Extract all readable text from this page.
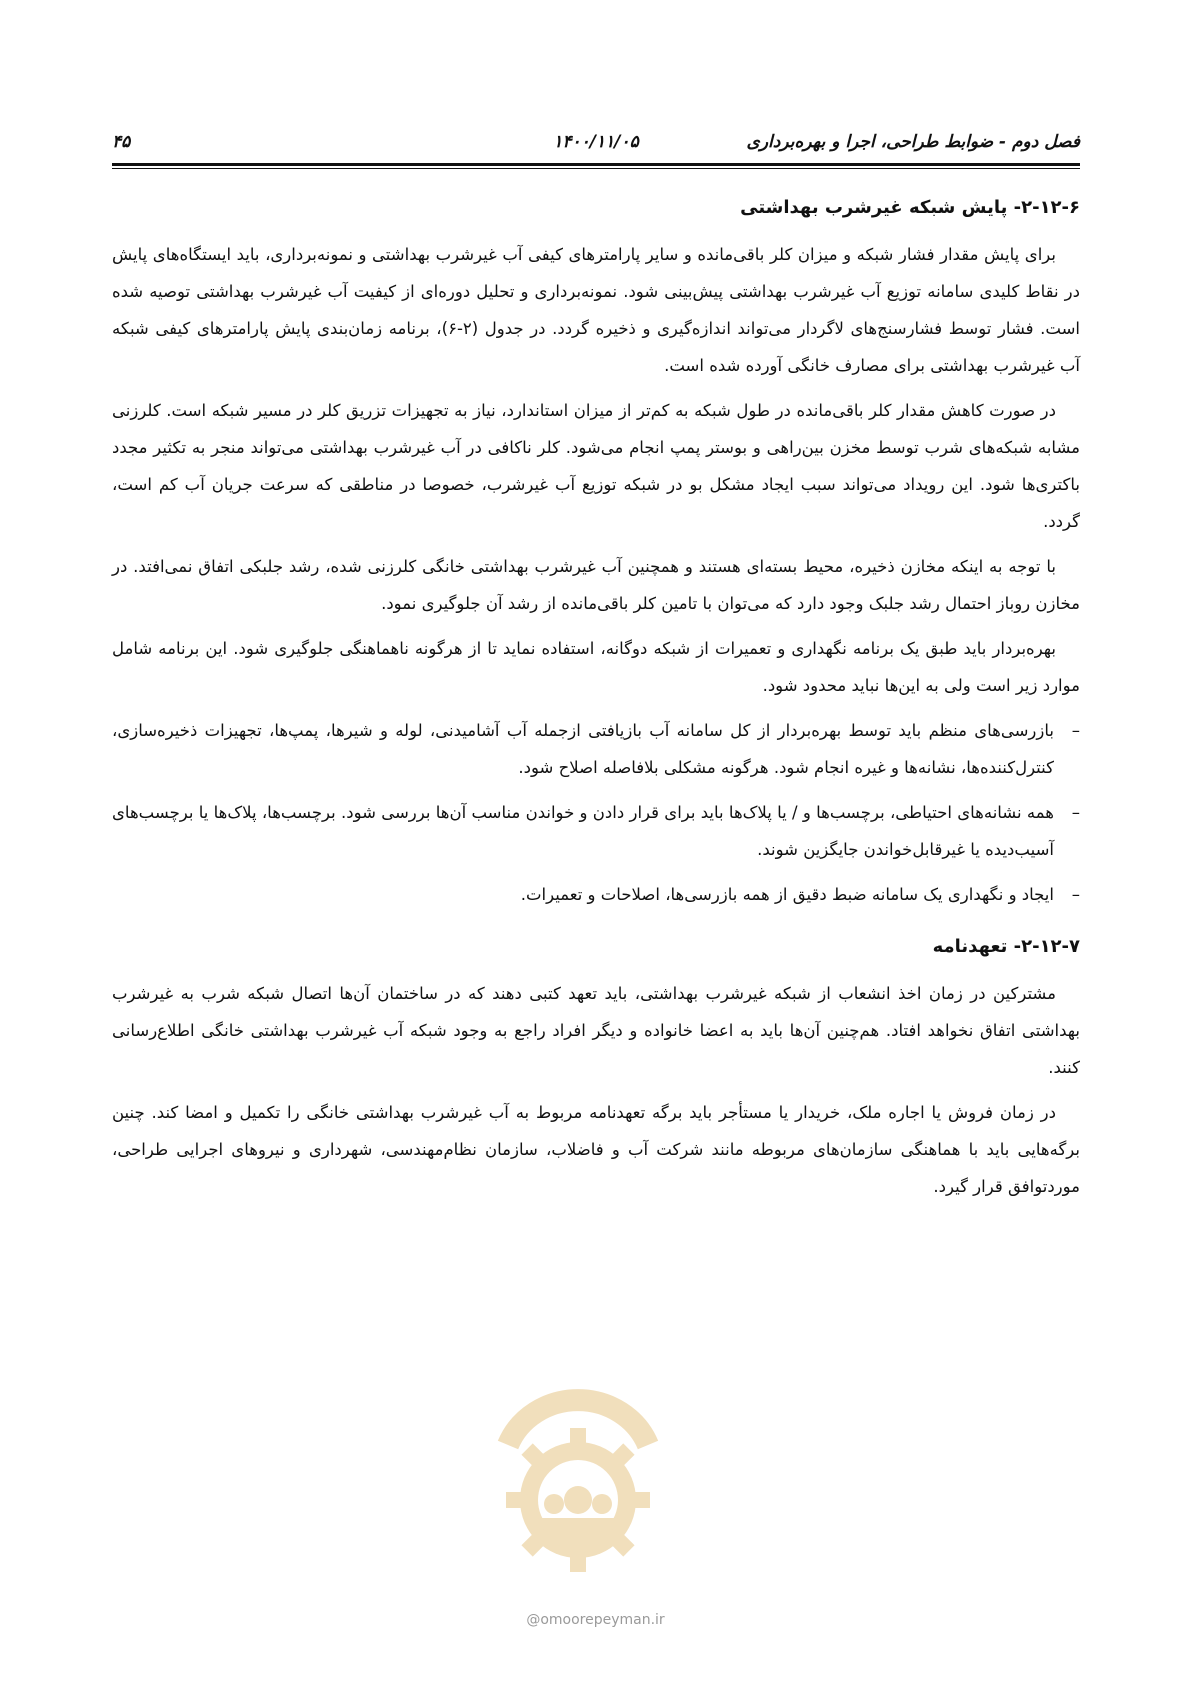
فصل دوم - ضوابط طراحی، اجرا و بهره‌برداری
۱۴۰۰/۱۱/۰۵
۴۵
۲-۱۲-۶- پایش شبکه غیرشرب بهداشتی

برای پایش مقدار فشار شبکه و میزان کلر باقی‌مانده و سایر پارامترهای کیفی آب غیرشرب بهداشتی و نمونه‌برداری، باید ایستگاه‌های پایش در نقاط کلیدی سامانه توزیع آب غیرشرب بهداشتی پیش‌بینی شود. نمونه‌برداری و تحلیل دوره‌ای از کیفیت آب غیرشرب بهداشتی توصیه شده است. فشار توسط فشارسنج‌های لاگردار می‌تواند اندازه‌گیری و ذخیره گردد. در جدول (۲-۶)، برنامه زمان‌بندی پایش پارامترهای کیفی شبکه آب غیرشرب بهداشتی برای مصارف خانگی آورده شده است.

در صورت کاهش مقدار کلر باقی‌مانده در طول شبکه به کم‌تر از میزان استاندارد، نیاز به تجهیزات تزریق کلر در مسیر شبکه است. کلرزنی مشابه شبکه‌های شرب توسط مخزن بین‌راهی و بوستر پمپ انجام می‌شود. کلر ناکافی در آب غیرشرب بهداشتی می‌تواند منجر به تکثیر مجدد باکتری‌ها شود. این رویداد می‌تواند سبب ایجاد مشکل بو در شبکه توزیع آب غیرشرب، خصوصا در مناطقی که سرعت جریان آب کم است، گردد.

با توجه به اینکه مخازن ذخیره، محیط بسته‌ای هستند و همچنین آب غیرشرب بهداشتی خانگی کلرزنی شده، رشد جلبکی اتفاق نمی‌افتد. در مخازن روباز احتمال رشد جلبک وجود دارد که می‌توان با تامین کلر باقی‌مانده از رشد آن جلوگیری نمود.

بهره‌بردار باید طبق یک برنامه نگهداری و تعمیرات از شبکه دوگانه، استفاده نماید تا از هرگونه ناهماهنگی جلوگیری شود. این برنامه شامل موارد زیر است ولی به این‌ها نباید محدود شود.

–
بازرسی‌های منظم باید توسط بهره‌بردار از کل سامانه آب بازیافتی ازجمله آب آشامیدنی، لوله و شیرها، پمپ‌ها، تجهیزات ذخیره‌سازی، کنترل‌کننده‌ها، نشانه‌ها و غیره انجام شود. هرگونه مشکلی بلافاصله اصلاح شود.
–
همه نشانه‌های احتیاطی، برچسب‌ها و / یا پلاک‌ها باید برای قرار دادن و خواندن مناسب آن‌ها بررسی شود. برچسب‌ها، پلاک‌ها یا برچسب‌های آسیب‌دیده یا غیرقابل‌خواندن جایگزین شوند.
–
ایجاد و نگهداری یک سامانه ضبط دقیق از همه بازرسی‌ها، اصلاحات و تعمیرات.
۲-۱۲-۷- تعهدنامه

مشترکین در زمان اخذ انشعاب از شبکه غیرشرب بهداشتی، باید تعهد کتبی دهند که در ساختمان آن‌ها اتصال شبکه شرب به غیرشرب بهداشتی اتفاق نخواهد افتاد. هم‌چنین آن‌ها باید به اعضا خانواده و دیگر افراد راجع به وجود شبکه آب غیرشرب بهداشتی خانگی اطلاع‌رسانی کنند.

در زمان فروش یا اجاره ملک، خریدار یا مستأجر باید برگه تعهدنامه مربوط به آب غیرشرب بهداشتی خانگی را تکمیل و امضا کند. چنین برگه‌هایی باید با هماهنگی سازمان‌های مربوطه مانند شرکت آب و فاضلاب، سازمان نظام‌مهندسی، شهرداری و نیروهای اجرایی طراحی، موردتوافق قرار گیرد.

@omoorepeyman.ir
